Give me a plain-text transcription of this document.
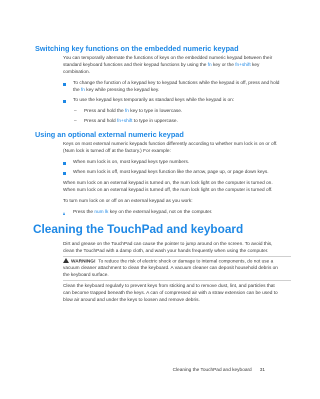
Switching key functions on the embedded numeric keypad
You can temporarily alternate the functions of keys on the embedded numeric keypad between their
standard keyboard functions and their keypad functions by using the fn key or the fn+shift key
combination.
To change the function of a keypad key to keypad functions while the keypad is off, press and hold
the fn key while pressing the keypad key.
To use the keypad keys temporarily as standard keys while the keypad is on:
– Press and hold the fn key to type in lowercase.
– Press and hold fn+shift to type in uppercase.
Using an optional external numeric keypad
Keys on most external numeric keypads function differently according to whether num lock is on or off.
(Num lock is turned off at the factory.) For example:
When num lock is on, most keypad keys type numbers.
When num lock is off, most keypad keys function like the arrow, page up, or page down keys.
When num lock on an external keypad is turned on, the num lock light on the computer is turned on.
When num lock on an external keypad is turned off, the num lock light on the computer is turned off.
To turn num lock on or off on an external keypad as you work:
Press the num lk key on the external keypad, not on the computer.
Cleaning the TouchPad and keyboard
Dirt and grease on the TouchPad can cause the pointer to jump around on the screen. To avoid this,
clean the TouchPad with a damp cloth, and wash your hands frequently when using the computer.
WARNING! To reduce the risk of electric shock or damage to internal components, do not use a
vacuum cleaner attachment to clean the keyboard. A vacuum cleaner can deposit household debris on
the keyboard surface.
Clean the keyboard regularly to prevent keys from sticking and to remove dust, lint, and particles that
can become trapped beneath the keys. A can of compressed air with a straw extension can be used to
blow air around and under the keys to loosen and remove debris.
Cleaning the TouchPad and keyboard 31
